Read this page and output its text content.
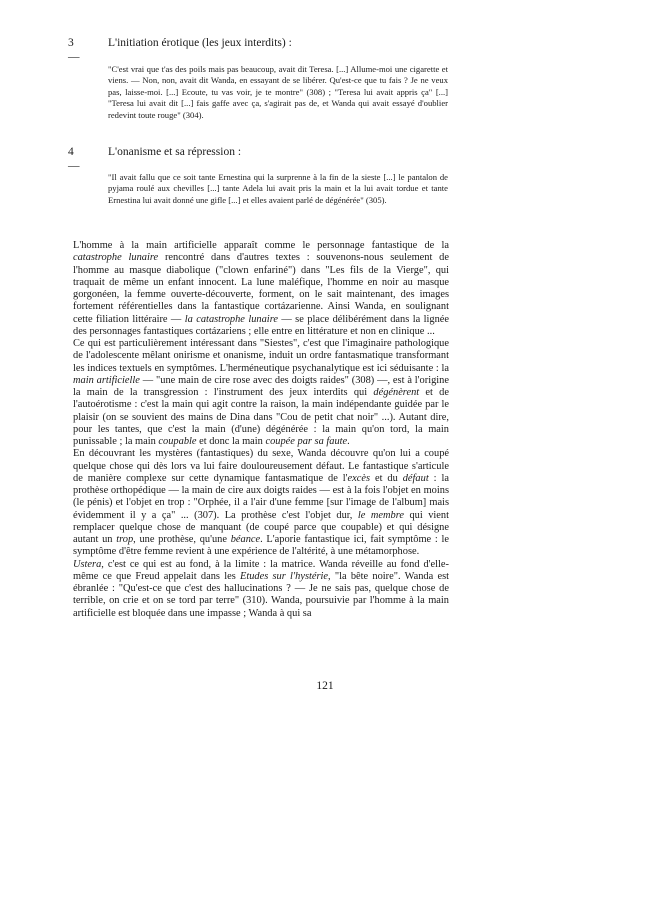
3 —
L'initiation érotique (les jeux interdits) :
"C'est vrai que t'as des poils mais pas beaucoup, avait dit Teresa. [...] Allume-moi une cigarette et viens. — Non, non, avait dit Wanda, en essayant de se libérer. Qu'est-ce que tu fais ? Je ne veux pas, laisse-moi. [...] Ecoute, tu vas voir, je te montre" (308) ; "Teresa lui avait appris ça" [...] "Teresa lui avait dit [...] fais gaffe avec ça, s'agirait pas de, et Wanda qui avait essayé d'oublier redevint toute rouge" (304).
4 —
L'onanisme et sa répression :
"Il avait fallu que ce soit tante Ernestina qui la surprenne à la fin de la sieste [...] le pantalon de pyjama roulé aux chevilles [...] tante Adela lui avait pris la main et la lui avait tordue et tante Ernestina lui avait donné une gifle [...] et elles avaient parlé de dégénérée" (305).

L'homme à la main artificielle apparaît comme le personnage fantastique de la catastrophe lunaire rencontré dans d'autres textes : souvenons-nous seulement de l'homme au masque diabolique ("clown enfariné") dans "Les fils de la Vierge", qui traquait de même un enfant innocent. La lune maléfique, l'homme en noir au masque gorgonéen, la femme ouverte-découverte, forment, on le sait maintenant, des images fortement référentielles dans la fantastique cortázarienne. Ainsi Wanda, en soulignant cette filiation littéraire — la catastrophe lunaire — se place délibérément dans la lignée des personnages fantastiques cortázariens ; elle entre en littérature et non en clinique ...

Ce qui est particulièrement intéressant dans "Siestes", c'est que l'imaginaire pathologique de l'adolescente mêlant onirisme et onanisme, induit un ordre fantasmatique transformant les indices textuels en symptômes. L'herméneutique psychanalytique est ici séduisante : la main artificielle — "une main de cire rose avec des doigts raides" (308) —, est à l'origine la main de la transgression : l'instrument des jeux interdits qui dégénèrent et de l'autoérotisme : c'est la main qui agit contre la raison, la main indépendante guidée par le plaisir (on se souvient des mains de Dina dans "Cou de petit chat noir" ...). Autant dire, pour les tantes, que c'est la main (d'une) dégénérée : la main qu'on tord, la main punissable ; la main coupable et donc la main coupée par sa faute.

En découvrant les mystères (fantastiques) du sexe, Wanda découvre qu'on lui a coupé quelque chose qui dès lors va lui faire douloureusement défaut. Le fantastique s'articule de manière complexe sur cette dynamique fantasmatique de l'excès et du défaut : la prothèse orthopédique — la main de cire aux doigts raides — est à la fois l'objet en moins (le pénis) et l'objet en trop : "Orphée, il a l'air d'une femme [sur l'image de l'album] mais évidemment il y a ça" ... (307). La prothèse c'est l'objet dur, le membre qui vient remplacer quelque chose de manquant (de coupé parce que coupable) et qui désigne autant un trop, une prothèse, qu'une béance. L'aporie fantastique ici, fait symptôme : le symptôme d'être femme revient à une expérience de l'altérité, à une métamorphose.

Ustera, c'est ce qui est au fond, à la limite : la matrice. Wanda réveille au fond d'elle-même ce que Freud appelait dans les Etudes sur l'hystérie, "la bête noire". Wanda est ébranlée : "Qu'est-ce que c'est des hallucinations ? — Je ne sais pas, quelque chose de terrible, on crie et on se tord par terre" (310). Wanda, poursuivie par l'homme à la main artificielle est bloquée dans une impasse ; Wanda à qui sa

121
